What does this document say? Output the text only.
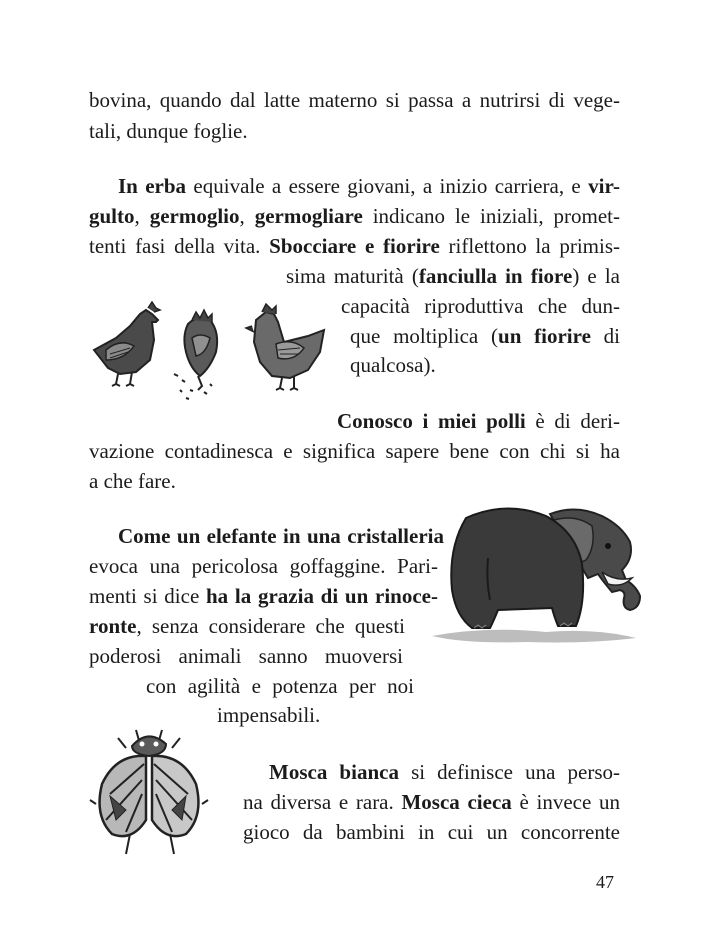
bovina, quando dal latte materno si passa a nutrirsi di vege-
tali, dunque foglie.
In erba equivale a essere giovani, a inizio carriera, e vir-
gulto, germoglio, germogliare indicano le iniziali, promet-
tenti fasi della vita. Sbocciare e fiorire riflettono la primis-
sima maturità (fanciulla in fiore) e la
capacità riproduttiva che dun-
que moltiplica (un fiorire di
qualcosa).
Conosco i miei polli è di deri-
vazione contadinesca e significa sapere bene con chi si ha
a che fare.
Come un elefante in una cristalleria
evoca una pericolosa goffaggine. Pari-
menti si dice ha la grazia di un rinoce-
ronte, senza considerare che questi
poderosi animali sanno muoversi
con agilità e potenza per noi
impensabili.
Mosca bianca si definisce una perso-
na diversa e rara. Mosca cieca è invece un
gioco da bambini in cui un concorrente
47
